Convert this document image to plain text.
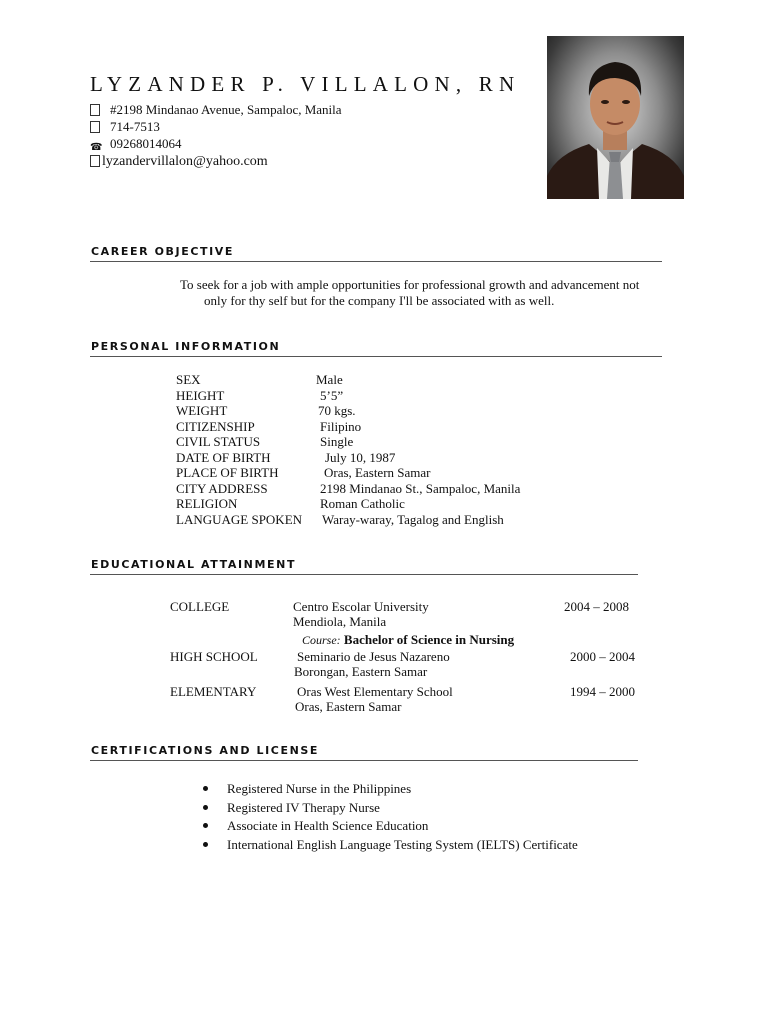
LYZANDER P. VILLALON, RN
#2198 Mindanao Avenue, Sampaloc, Manila
714-7513
☎ 09268014064
lyzandervillalon@yahoo.com
CAREER OBJECTIVE
To seek for a job with ample opportunities for professional growth and advancement not
only for thy self but for the company I'll be associated with as well.
PERSONAL INFORMATION
SEX	Male
HEIGHT	5’5”
WEIGHT	70 kgs.
CITIZENSHIP	Filipino
CIVIL STATUS	Single
DATE OF BIRTH	July 10, 1987
PLACE OF BIRTH	Oras, Eastern Samar
CITY ADDRESS	2198 Mindanao St., Sampaloc, Manila
RELIGION	Roman Catholic
LANGUAGE SPOKEN Waray-waray, Tagalog and English
EDUCATIONAL ATTAINMENT
COLLEGE	Centro Escolar University	2004 – 2008
Mendiola, Manila
Course: Bachelor of Science in Nursing
HIGH SCHOOL	Seminario de Jesus Nazareno	2000 – 2004
Borongan, Eastern Samar
ELEMENTARY	Oras West Elementary School	1994 – 2000
Oras, Eastern Samar
CERTIFICATIONS AND LICENSE
Registered Nurse in the Philippines
Registered IV Therapy Nurse
Associate in Health Science Education
International English Language Testing System (IELTS) Certificate
